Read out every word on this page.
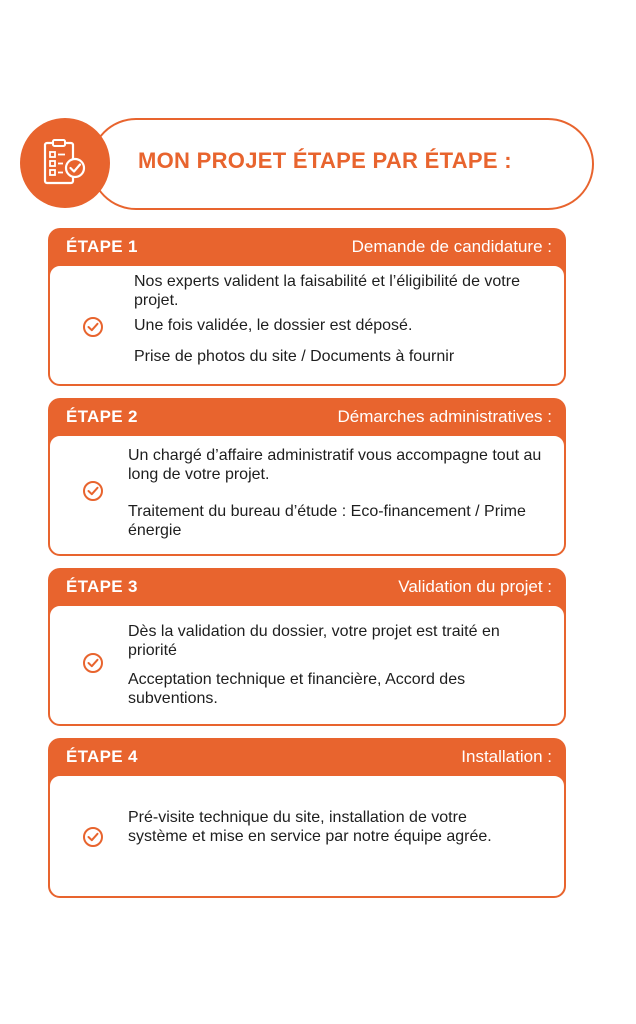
MON PROJET ÉTAPE PAR ÉTAPE :
ÉTAPE 1	Demande de candidature :

Nos experts valident la faisabilité et l’éligibilité de votre projet.

Une fois validée, le dossier est déposé.

Prise de photos du site / Documents à fournir

ÉTAPE 2	Démarches administratives :

Un chargé d’affaire administratif vous accompagne tout au long de votre projet.

Traitement du bureau d’étude : Eco-financement / Prime énergie

ÉTAPE 3	Validation du projet :

Dès la validation du dossier, votre projet est traité en priorité

Acceptation technique et financière, Accord des subventions.

ÉTAPE 4	Installation :

Pré-visite technique du site, installation de votre système et mise en service par notre équipe agrée.
